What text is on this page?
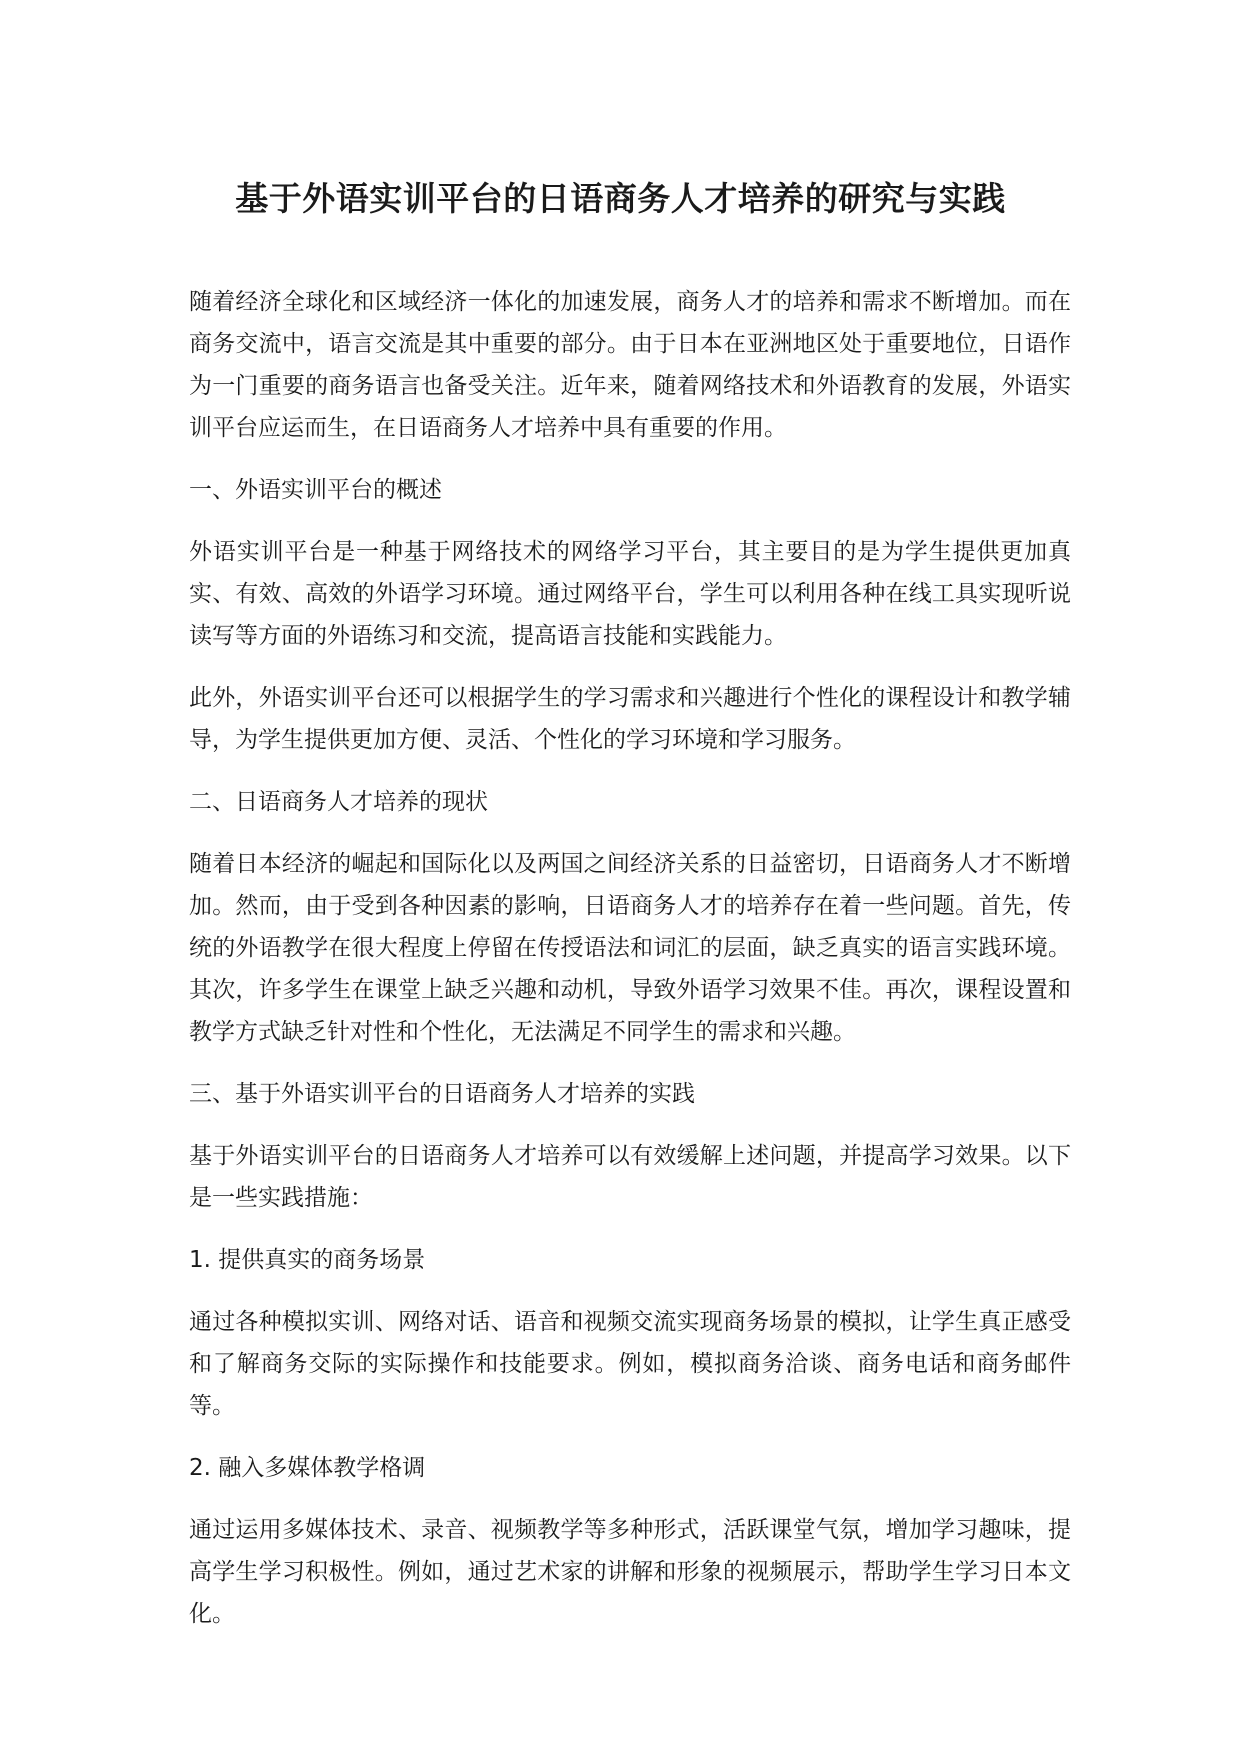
基于外语实训平台的日语商务人才培养的研究与实践

随着经济全球化和区域经济一体化的加速发展，商务人才的培养和需求不断增加。而在商务交流中，语言交流是其中重要的部分。由于日本在亚洲地区处于重要地位，日语作为一门重要的商务语言也备受关注。近年来，随着网络技术和外语教育的发展，外语实训平台应运而生，在日语商务人才培养中具有重要的作用。

一、外语实训平台的概述

外语实训平台是一种基于网络技术的网络学习平台，其主要目的是为学生提供更加真实、有效、高效的外语学习环境。通过网络平台，学生可以利用各种在线工具实现听说读写等方面的外语练习和交流，提高语言技能和实践能力。

此外，外语实训平台还可以根据学生的学习需求和兴趣进行个性化的课程设计和教学辅导，为学生提供更加方便、灵活、个性化的学习环境和学习服务。

二、日语商务人才培养的现状

随着日本经济的崛起和国际化以及两国之间经济关系的日益密切，日语商务人才不断增加。然而，由于受到各种因素的影响，日语商务人才的培养存在着一些问题。首先，传统的外语教学在很大程度上停留在传授语法和词汇的层面，缺乏真实的语言实践环境。其次，许多学生在课堂上缺乏兴趣和动机，导致外语学习效果不佳。再次，课程设置和教学方式缺乏针对性和个性化，无法满足不同学生的需求和兴趣。

三、基于外语实训平台的日语商务人才培养的实践

基于外语实训平台的日语商务人才培养可以有效缓解上述问题，并提高学习效果。以下是一些实践措施：

1. 提供真实的商务场景

通过各种模拟实训、网络对话、语音和视频交流实现商务场景的模拟，让学生真正感受和了解商务交际的实际操作和技能要求。例如，模拟商务洽谈、商务电话和商务邮件等。

2. 融入多媒体教学格调

通过运用多媒体技术、录音、视频教学等多种形式，活跃课堂气氛，增加学习趣味，提高学生学习积极性。例如，通过艺术家的讲解和形象的视频展示，帮助学生学习日本文化。
